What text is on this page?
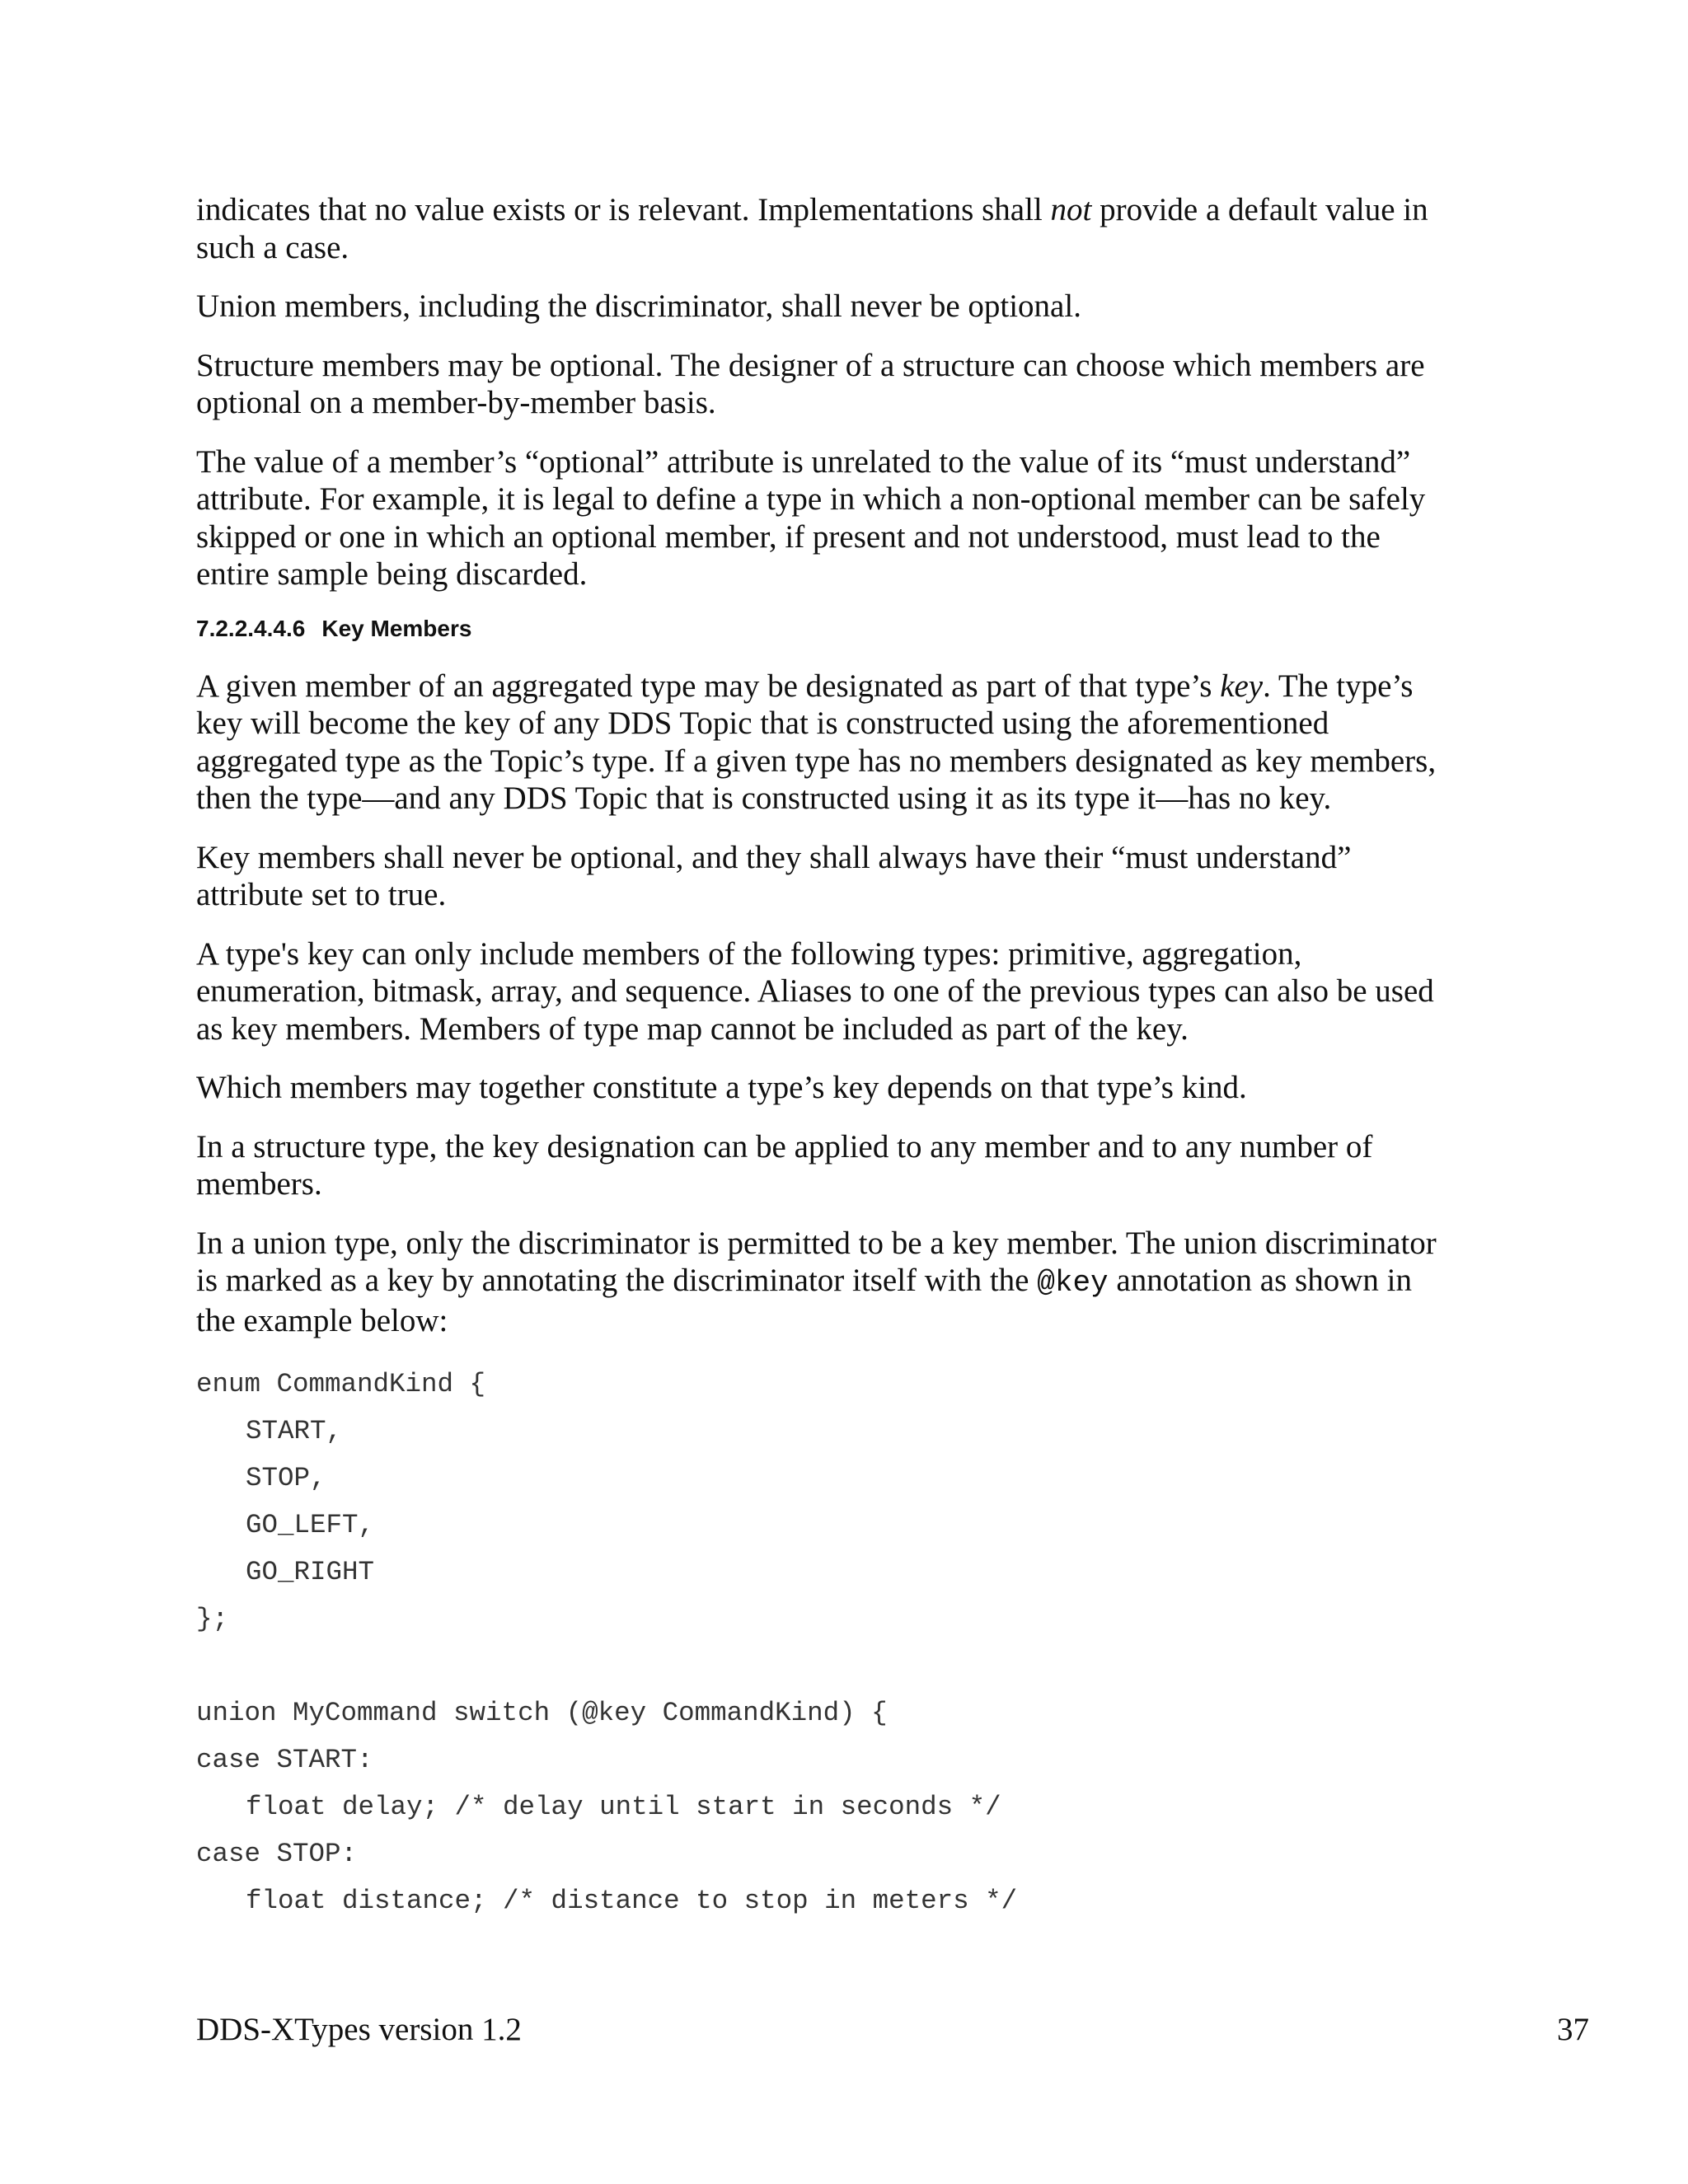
indicates that no value exists or is relevant. Implementations shall not provide a default value in
such a case.

Union members, including the discriminator, shall never be optional.

Structure members may be optional. The designer of a structure can choose which members are
optional on a member-by-member basis.

The value of a member’s “optional” attribute is unrelated to the value of its “must understand”
attribute. For example, it is legal to define a type in which a non-optional member can be safely
skipped or one in which an optional member, if present and not understood, must lead to the
entire sample being discarded.

7.2.2.4.4.6 Key Members

A given member of an aggregated type may be designated as part of that type’s key. The type’s
key will become the key of any DDS Topic that is constructed using the aforementioned
aggregated type as the Topic’s type. If a given type has no members designated as key members,
then the type—and any DDS Topic that is constructed using it as its type it—has no key.

Key members shall never be optional, and they shall always have their “must understand”
attribute set to true.

A type's key can only include members of the following types: primitive, aggregation,
enumeration, bitmask, array, and sequence. Aliases to one of the previous types can also be used
as key members. Members of type map cannot be included as part of the key.

Which members may together constitute a type’s key depends on that type’s kind.

In a structure type, the key designation can be applied to any member and to any number of
members.

In a union type, only the discriminator is permitted to be a key member. The union discriminator
is marked as a key by annotating the discriminator itself with the @key annotation as shown in
the example below:

enum CommandKind {
START,
STOP,
GO_LEFT,
GO_RIGHT
};
union MyCommand switch (@key CommandKind) {
case START:
float delay; /* delay until start in seconds */
case STOP:
float distance; /* distance to stop in meters */
DDS-XTypes version 1.2	37
